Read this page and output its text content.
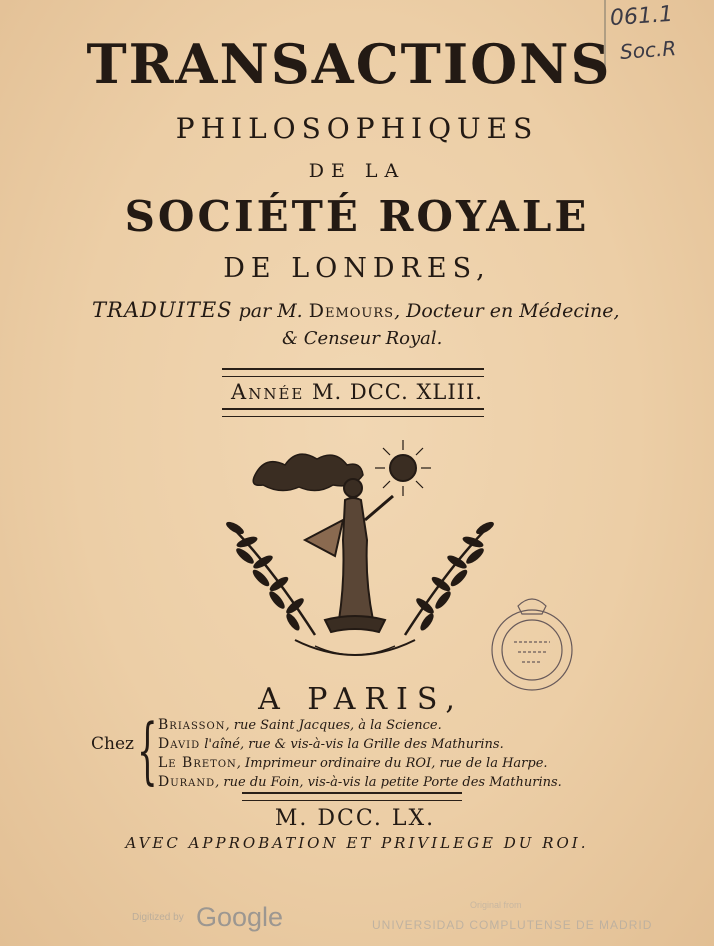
061.1
Soc.R
TRANSACTIONS
PHILOSOPHIQUES
DE LA
SOCIÉTÉ ROYALE
DE LONDRES,
TRADUITES par M. Demours, Docteur en Médecine,
& Censeur Royal.
Année M. DCC. XLIII.
A PARIS,
Chez { Briasson, rue Saint Jacques, à la Science.
David l'aîné, rue & vis-à-vis la Grille des Mathurins.
Le Breton, Imprimeur ordinaire du ROI, rue de la Harpe.
Durand, rue du Foin, vis-à-vis la petite Porte des Mathurins.
M. DCC. LX.
AVEC APPROBATION ET PRIVILEGE DU ROI.
Digitized by Google	Original from
UNIVERSIDAD COMPLUTENSE DE MADRID
